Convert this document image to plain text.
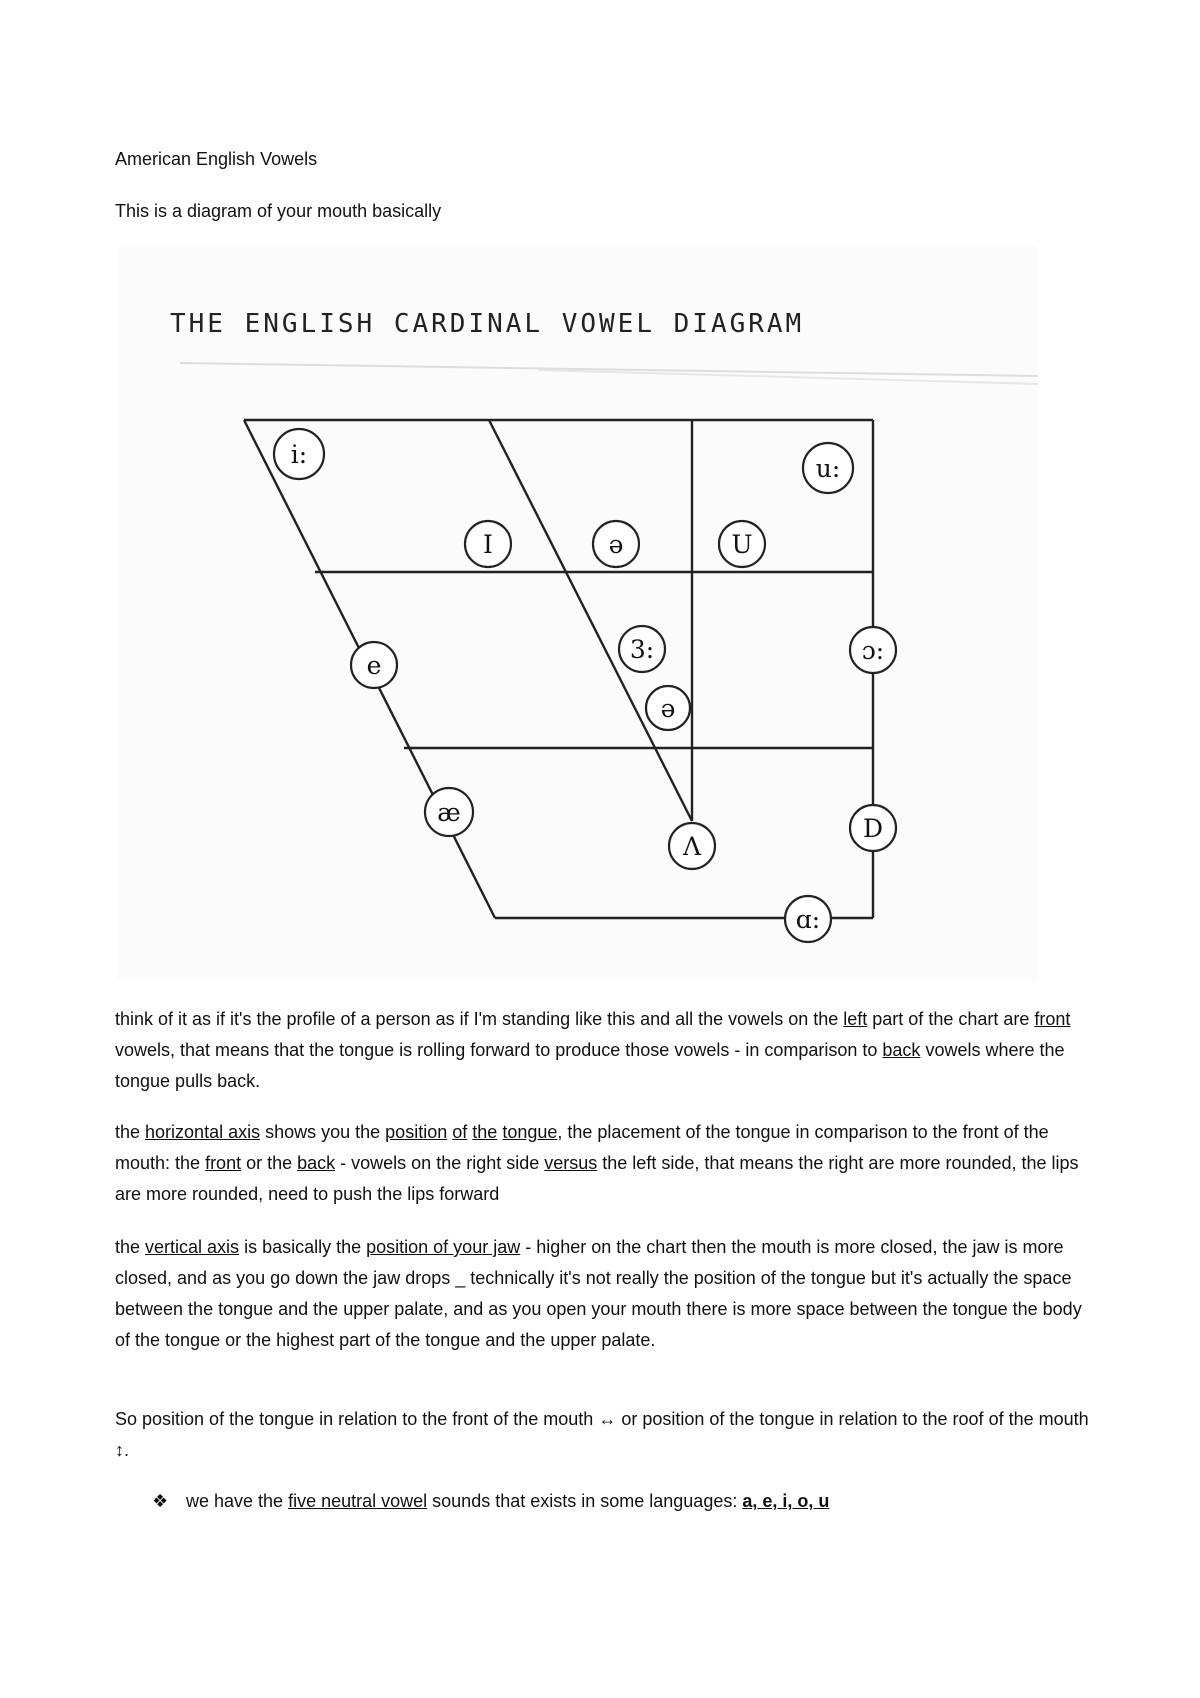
American English Vowels
This is a diagram of your mouth basically
THE ENGLISH CARDINAL VOWEL DIAGRAM
i:	u:
I	ə	U
e
3:	ɔ:
ə
æ
Λ
D
ɑ:
think of it as if it's the profile of a person as if I'm standing like this and all the vowels on the left part of the chart are front vowels, that means that the tongue is rolling forward to produce those vowels - in comparison to back vowels where the tongue pulls back.
the horizontal axis shows you the position of the tongue, the placement of the tongue in comparison to the front of the mouth: the front or the back - vowels on the right side versus the left side, that means the right are more rounded, the lips are more rounded, need to push the lips forward
the vertical axis is basically the position of your jaw - higher on the chart then the mouth is more closed, the jaw is more closed, and as you go down the jaw drops _ technically it's not really the position of the tongue but it's actually the space between the tongue and the upper palate, and as you open your mouth there is more space between the tongue the body of the tongue or the highest part of the tongue and the upper palate.
So position of the tongue in relation to the front of the mouth ↔ or position of the tongue in relation to the roof of the mouth ↕.
❖ we have the five neutral vowel sounds that exists in some languages: a, e, i, o, u
